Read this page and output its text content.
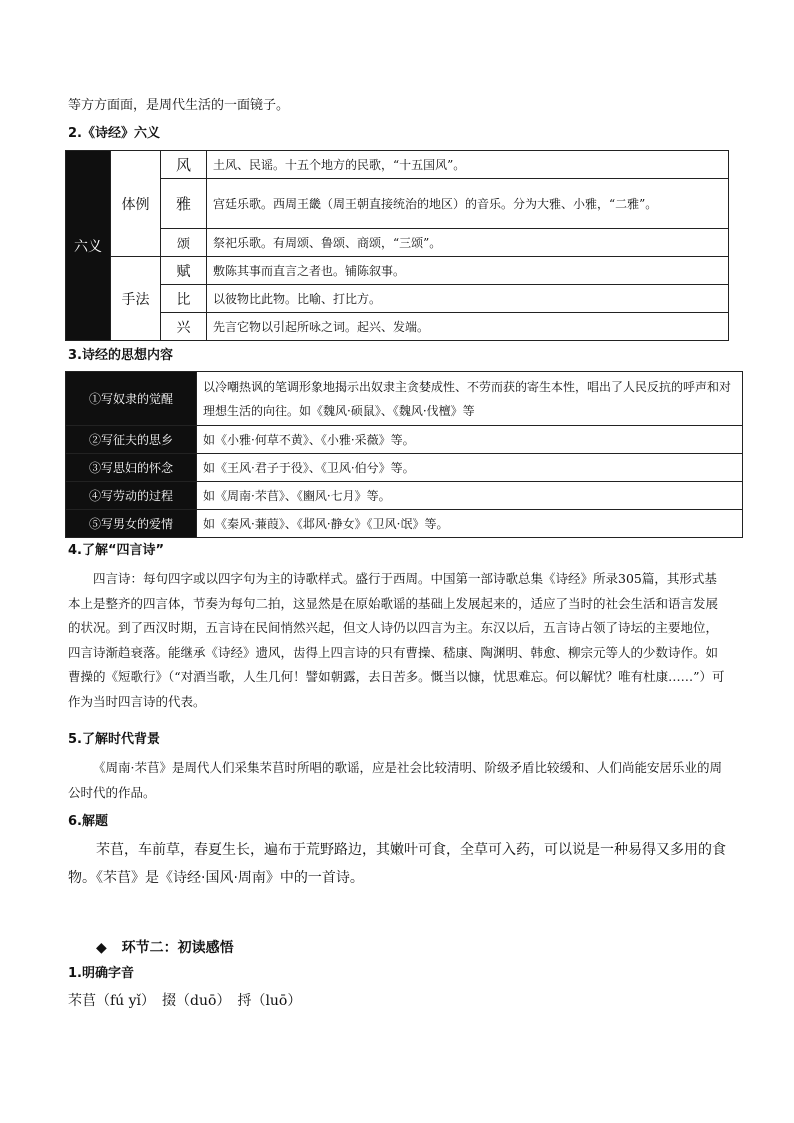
等方方面面，是周代生活的一面镜子。
2.《诗经》六义
六义	体例	风	土风、民谣。十五个地方的民歌，“十五国风”。
		雅	宫廷乐歌。西周王畿（周王朝直接统治的地区）的音乐。分为大雅、小雅，“二雅”。
		颂	祭祀乐歌。有周颂、鲁颂、商颂，“三颂”。
	手法	赋	敷陈其事而直言之者也。铺陈叙事。
		比	以彼物比此物。比喻、打比方。
		兴	先言它物以引起所咏之词。起兴、发端。
3.诗经的思想内容
①写奴隶的觉醒	以冷嘲热讽的笔调形象地揭示出奴隶主贪婪成性、不劳而获的寄生本性，唱出了人民反抗的呼声和对理想生活的向往。如《魏风·硕鼠》、《魏风·伐檀》等
②写征夫的思乡	如《小雅·何草不黄》、《小雅·采薇》等。
③写思妇的怀念	如《王风·君子于役》、《卫风·伯兮》等。
④写劳动的过程	如《周南·芣苢》、《豳风·七月》等。
⑤写男女的爱情	如《秦风·蒹葭》、《邶风·静女》《卫风·氓》等。
4.了解“四言诗”
四言诗：每句四字或以四字句为主的诗歌样式。盛行于西周。中国第一部诗歌总集《诗经》所录305篇，其形式基本上是整齐的四言体，节奏为每句二拍，这显然是在原始歌谣的基础上发展起来的，适应了当时的社会生活和语言发展的状况。到了西汉时期，五言诗在民间悄然兴起，但文人诗仍以四言为主。东汉以后，五言诗占领了诗坛的主要地位，四言诗渐趋衰落。能继承《诗经》遗风，齿得上四言诗的只有曹操、嵇康、陶渊明、韩愈、柳宗元等人的少数诗作。如曹操的《短歌行》（“对酒当歌，人生几何！譬如朝露，去日苦多。慨当以慷，忧思难忘。何以解忧？唯有杜康……”）可作为当时四言诗的代表。
5.了解时代背景
《周南·芣苢》是周代人们采集芣苢时所唱的歌谣，应是社会比较清明、阶级矛盾比较缓和、人们尚能安居乐业的周公时代的作品。
6.解题
芣苢，车前草，春夏生长，遍布于荒野路边，其嫩叶可食，全草可入药，可以说是一种易得又多用的食物。《芣苢》是《诗经·国风·周南》中的一首诗。
◆ 环节二：初读感悟
1.明确字音
芣苢（fú yǐ）　掇（duō）　捋（luō）
